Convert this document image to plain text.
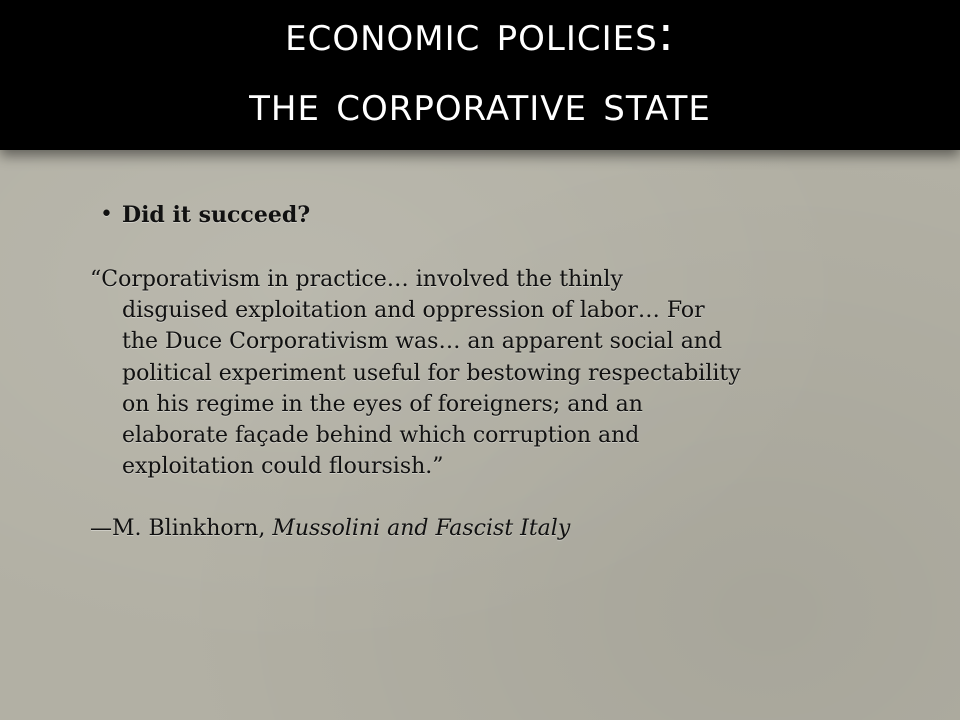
economic policies:
the corporative state
• Did it succeed?
“Corporativism in practice… involved the thinly
disguised exploitation and oppression of labor… For
the Duce Corporativism was… an apparent social and
political experiment useful for bestowing respectability
on his regime in the eyes of foreigners; and an
elaborate façade behind which corruption and
exploitation could floursish.”
—M. Blinkhorn, Mussolini and Fascist Italy
